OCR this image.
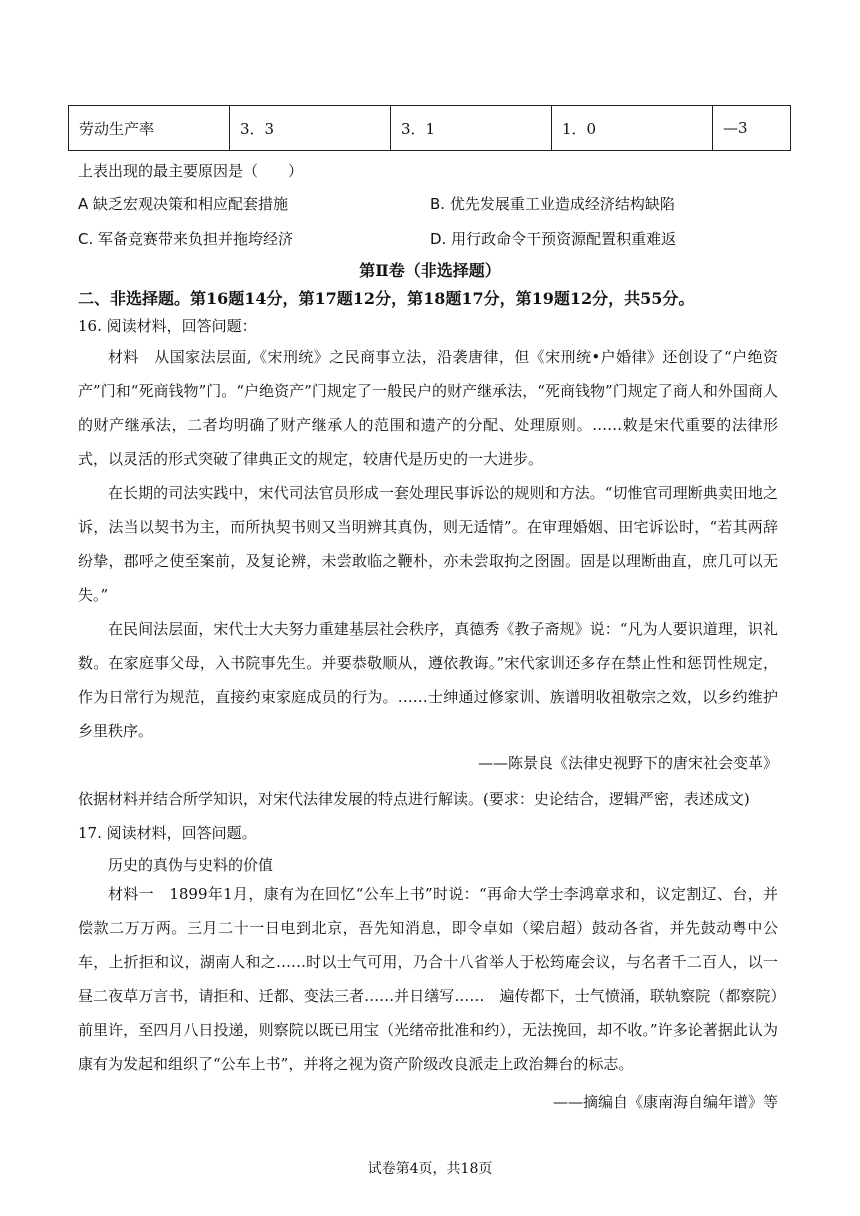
劳动生产率	3．3	3．1	1．0	—3
上表出现的最主要原因是（　　）
A 缺乏宏观决策和相应配套措施	B. 优先发展重工业造成经济结构缺陷
C. 军备竞赛带来负担并拖垮经济	D. 用行政命令干预资源配置积重难返
第Ⅱ卷（非选择题）
二、非选择题。第16题14分，第17题12分，第18题17分，第19题12分，共55分。
16. 阅读材料，回答问题：

材料　从国家法层面,《宋刑统》之民商事立法，沿袭唐律，但《宋刑统•户婚律》还创设了“户绝资产”门和“死商钱物”门。“户绝资产”门规定了一般民户的财产继承法，“死商钱物”门规定了商人和外国商人的财产继承法，二者均明确了财产继承人的范围和遗产的分配、处理原则。……敕是宋代重要的法律形式，以灵活的形式突破了律典正文的规定，较唐代是历史的一大进步。

在长期的司法实践中，宋代司法官员形成一套处理民事诉讼的规则和方法。“切惟官司理断典卖田地之诉，法当以契书为主，而所执契书则又当明辨其真伪，则无适情”。在审理婚姻、田宅诉讼时，“若其两辞纷挚，郡呼之使至案前，及复论辨，未尝敢临之鞭朴，亦未尝取拘之囹圄。固是以理断曲直，庶几可以无失。”

在民间法层面，宋代士大夫努力重建基层社会秩序，真德秀《教子斋规》说：“凡为人要识道理，识礼数。在家庭事父母，入书院事先生。并要恭敬顺从，遵依教诲。”宋代家训还多存在禁止性和惩罚性规定，作为日常行为规范，直接约束家庭成员的行为。……士绅通过修家训、族谱明收祖敬宗之效，以乡约维护乡里秩序。

——陈景良《法律史视野下的唐宋社会变革》
依据材料并结合所学知识，对宋代法律发展的特点进行解读。(要求：史论结合，逻辑严密，表述成文)
17. 阅读材料，回答问题。
历史的真伪与史料的价值

材料一　1899年1月，康有为在回忆“公车上书”时说：“再命大学士李鸿章求和，议定割辽、台，并偿款二万万两。三月二十一日电到北京，吾先知消息，即令卓如（梁启超）鼓动各省，并先鼓动粤中公车，上折拒和议，湖南人和之……时以士气可用，乃合十八省举人于松筠庵会议，与名者千二百人，以一昼二夜草万言书，请拒和、迁都、变法三者……并日缮写……　遍传都下，士气愤涌，联轨察院（都察院）前里许，至四月八日投递，则察院以既已用宝（光绪帝批准和约），无法挽回，却不收。”许多论著据此认为康有为发起和组织了“公车上书”，并将之视为资产阶级改良派走上政治舞台的标志。

——摘编自《康南海自编年谱》等
试卷第4页，共18页
